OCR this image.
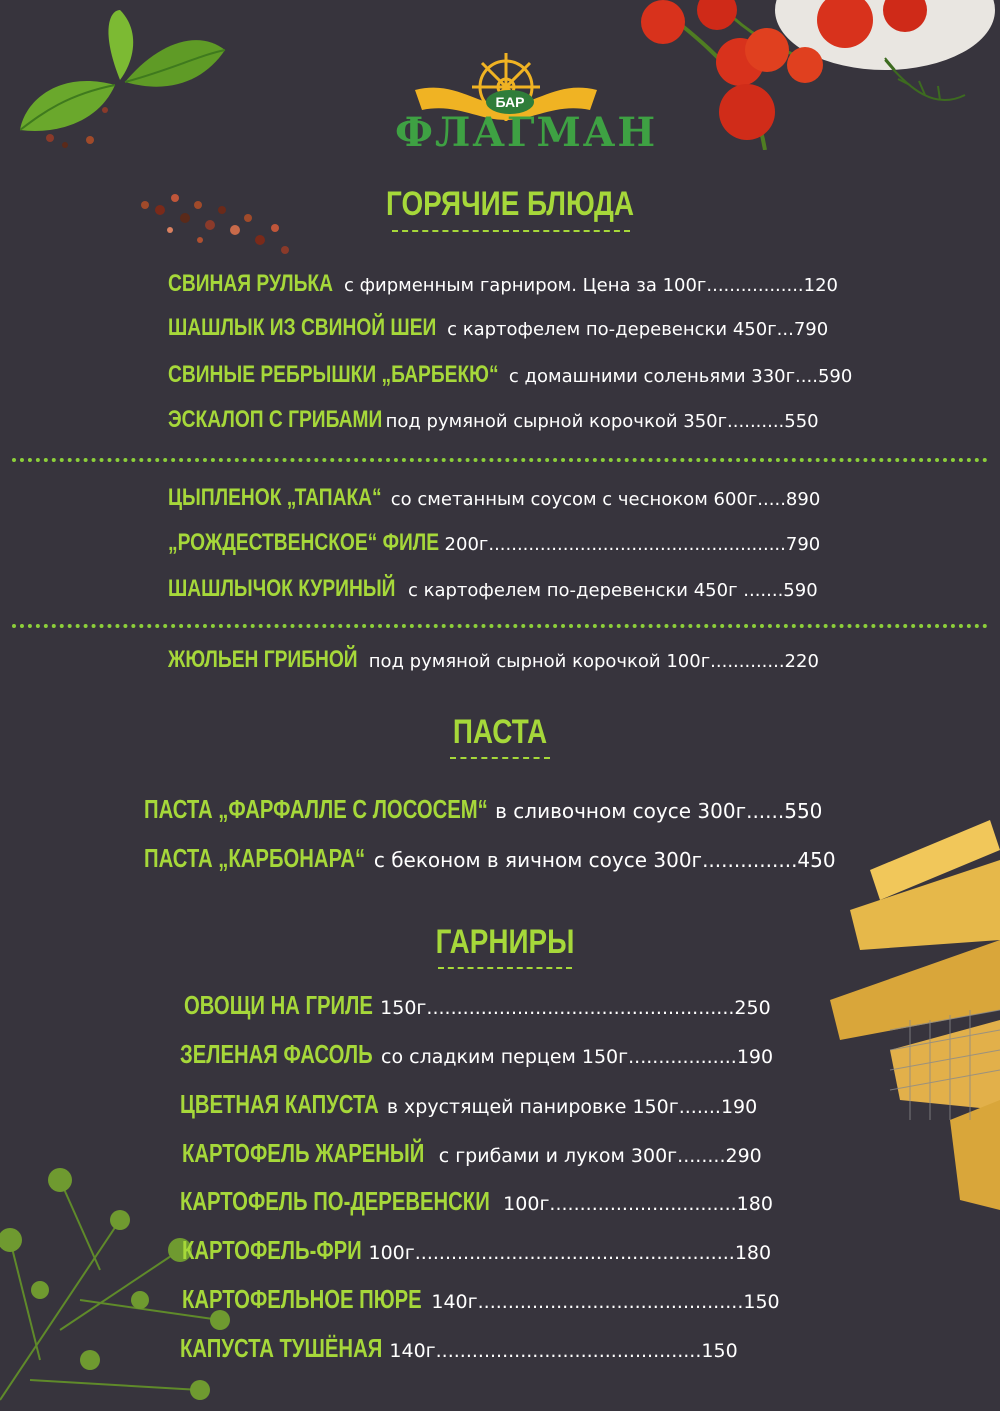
БАР
ФЛАГМАН
ГОРЯЧИЕ БЛЮДА
СВИНАЯ РУЛЬКА с фирменным гарниром. Цена за 100г.................120
ШАШЛЫК ИЗ СВИНОЙ ШЕИ с картофелем по-деревенски 450г...790
СВИНЫЕ РЕБРЫШКИ „БАРБЕКЮ“ с домашними соленьями 330г....590
ЭСКАЛОП С ГРИБАМИ под румяной сырной корочкой 350г..........550
ЦЫПЛЕНОК „ТАПАКА“ со сметанным соусом с чесноком 600г.....890
„РОЖДЕСТВЕНСКОЕ“ ФИЛЕ 200г....................................................790
ШАШЛЫЧОК КУРИНЫЙ с картофелем по-деревенски 450г .......590
ЖЮЛЬЕН ГРИБНОЙ под румяной сырной корочкой 100г.............220
ПАСТА
ПАСТА „ФАРФАЛЛЕ С ЛОСОСЕМ“ в сливочном соусе 300г......550
ПАСТА „КАРБОНАРА“ с беконом в яичном соусе 300г...............450
ГАРНИРЫ
ОВОЩИ НА ГРИЛЕ 150г...................................................250
ЗЕЛЕНАЯ ФАСОЛЬ со сладким перцем 150г..................190
ЦВЕТНАЯ КАПУСТА в хрустящей панировке 150г.......190
КАРТОФЕЛЬ ЖАРЕНЫЙ с грибами и луком 300г........290
КАРТОФЕЛЬ ПО-ДЕРЕВЕНСКИ 100г...............................180
КАРТОФЕЛЬ-ФРИ 100г.....................................................180
КАРТОФЕЛЬНОЕ ПЮРЕ 140г............................................150
КАПУСТА ТУШЁНАЯ 140г............................................150
